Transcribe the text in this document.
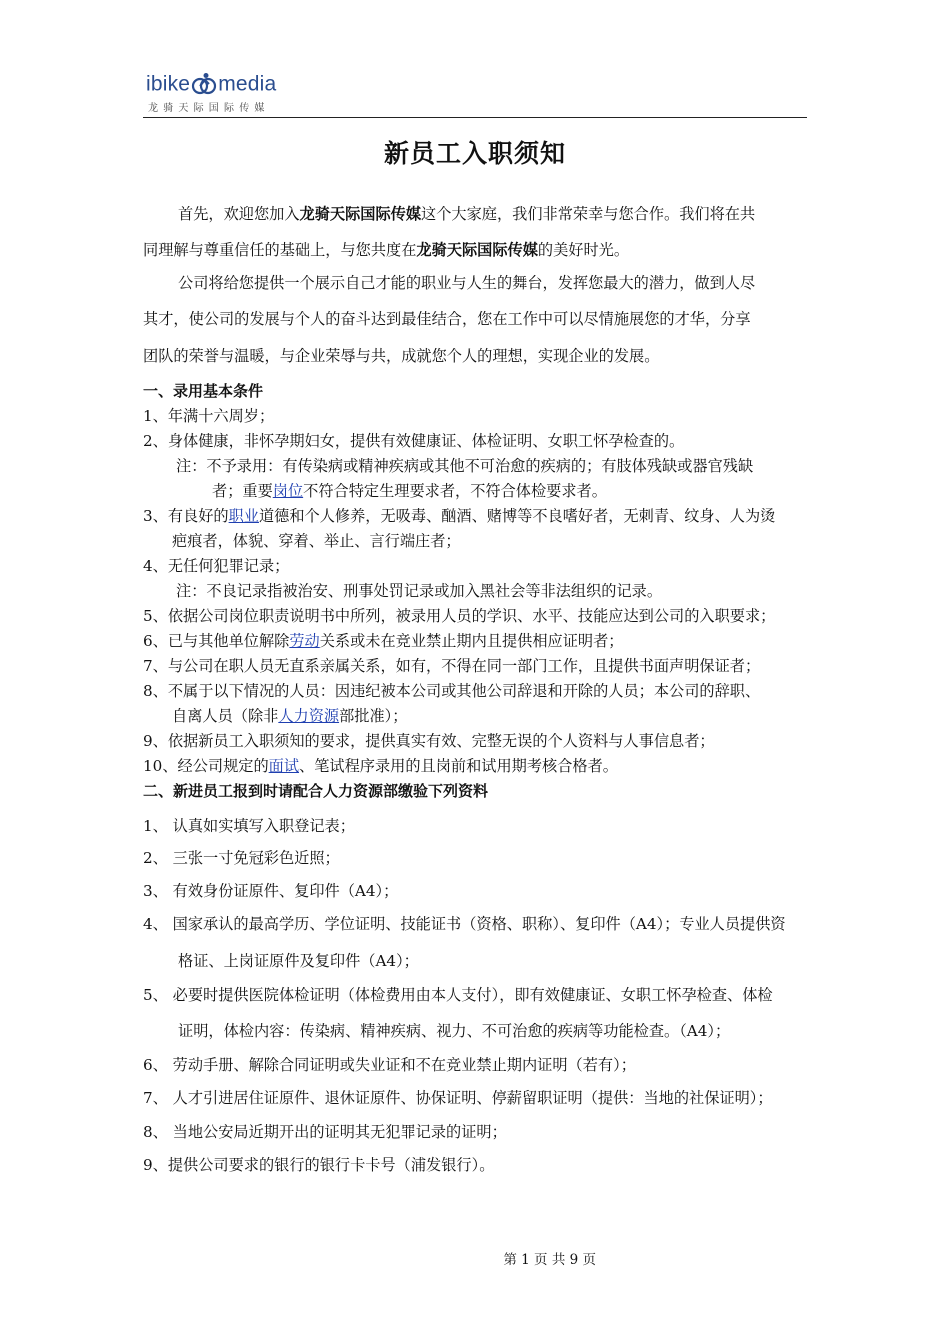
ibike media
龙骑天际国际传媒
新员工入职须知
首先，欢迎您加入龙骑天际国际传媒这个大家庭，我们非常荣幸与您合作。我们将在共
同理解与尊重信任的基础上，与您共度在龙骑天际国际传媒的美好时光。
公司将给您提供一个展示自己才能的职业与人生的舞台，发挥您最大的潜力，做到人尽
其才，使公司的发展与个人的奋斗达到最佳结合，您在工作中可以尽情施展您的才华，分享
团队的荣誉与温暖，与企业荣辱与共，成就您个人的理想，实现企业的发展。
一、录用基本条件
1、年满十六周岁；
2、身体健康，非怀孕期妇女，提供有效健康证、体检证明、女职工怀孕检查的。
注：不予录用：有传染病或精神疾病或其他不可治愈的疾病的；有肢体残缺或器官残缺
者；重要岗位不符合特定生理要求者，不符合体检要求者。
3、有良好的职业道德和个人修养，无吸毒、酗酒、赌博等不良嗜好者，无刺青、纹身、人为烫
疤痕者，体貌、穿着、举止、言行端庄者；
4、无任何犯罪记录；
注：不良记录指被治安、刑事处罚记录或加入黑社会等非法组织的记录。
5、依据公司岗位职责说明书中所列，被录用人员的学识、水平、技能应达到公司的入职要求；
6、已与其他单位解除劳动关系或未在竞业禁止期内且提供相应证明者；
7、与公司在职人员无直系亲属关系，如有，不得在同一部门工作，且提供书面声明保证者；
8、不属于以下情况的人员：因违纪被本公司或其他公司辞退和开除的人员；本公司的辞职、
自离人员（除非人力资源部批准）；
9、依据新员工入职须知的要求，提供真实有效、完整无误的个人资料与人事信息者；
10、经公司规定的面试、笔试程序录用的且岗前和试用期考核合格者。
二、新进员工报到时请配合人力资源部缴验下列资料
1、 认真如实填写入职登记表；
2、 三张一寸免冠彩色近照；
3、 有效身份证原件、复印件（A4）；
4、 国家承认的最高学历、学位证明、技能证书（资格、职称）、复印件（A4）；专业人员提供资
格证、上岗证原件及复印件（A4）；
5、 必要时提供医院体检证明（体检费用由本人支付），即有效健康证、女职工怀孕检查、体检
证明，体检内容：传染病、精神疾病、视力、不可治愈的疾病等功能检查。（A4）；
6、 劳动手册、解除合同证明或失业证和不在竞业禁止期内证明（若有）；
7、 人才引进居住证原件、退休证原件、协保证明、停薪留职证明（提供：当地的社保证明）；
8、 当地公安局近期开出的证明其无犯罪记录的证明；
9、提供公司要求的银行的银行卡卡号（浦发银行）。
第 1 页 共 9 页
